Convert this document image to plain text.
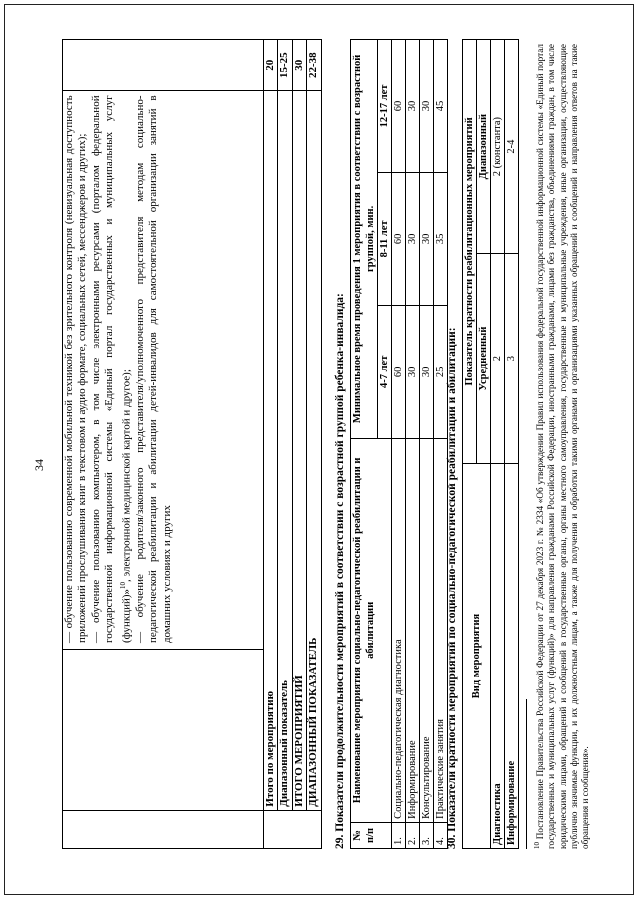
34

		— обучение пользованию современной мобильной техникой без зрительного контроля (невизуальная доступность приложений прослушивания книг в текстовом и аудио формате, социальных сетей, мессенджеров и других); — обучение пользованию компьютером, в том числе электронными ресурсами (порталом федеральной государственной информационной системы «Единый портал государственных и муниципальных услуг (функций)»$^{10}$, электронной медицинской картой и другое); — обучение родителя/законного представителя/уполномоченного представителя методам социально-педагогической реабилитации и абилитации детей-инвалидов для самостоятельной организации занятий в домашних условиях и других	

	Итого по мероприятию		20
	Диапазонный показатель		15-25
	ИТОГО МЕРОПРИЯТИЙ		30
	ДИАПАЗОННЫЙ ПОКАЗАТЕЛЬ		22-38
29. Показатели продолжительности мероприятий в соответствии с возрастной группой ребенка-инвалида: № п/п	Наименование мероприятия социально-педагогической реабилитации и абилитации	Минимальное время проведения 1 мероприятия в соответствии с возрастной группой, мин.		
		4-7 лет	8-11 лет	12-17 лет
1.	Социально-педагогическая диагностика	60	60	60
2.	Информирование	30	30	30
3.	Консультирование	30	30	30
4.	Практические занятия	25	35	45
30. Показатели кратности мероприятий по социально-педагогической реабилитации и абилитации: Вид мероприятия	Показатель кратности реабилитационных мероприятий	
	Усредненный	Диапазонный
Диагностика	2	2 (константа)
Информирование	3	2-4
$^{10}$ Постановление Правительства Российской Федерации от 27 декабря 2023 г. № 2334 «Об утверждении Правил использования федеральной государственной информационной системы «Единый портал государственных и муниципальных услуг (функций)» для направления гражданами Российской Федерации, иностранными гражданами, лицами без гражданства, объединениями граждан, в том числе юридическими лицами, обращений и сообщений в государственные органы, органы местного самоуправления, государственные и муниципальные учреждения, иные организации, осуществляющие публично значимые функции, и их должностным лицам, а также для получения и обработки такими органами и организациями указанных обращений и сообщений и направления ответов на такие обращения и сообщения».
